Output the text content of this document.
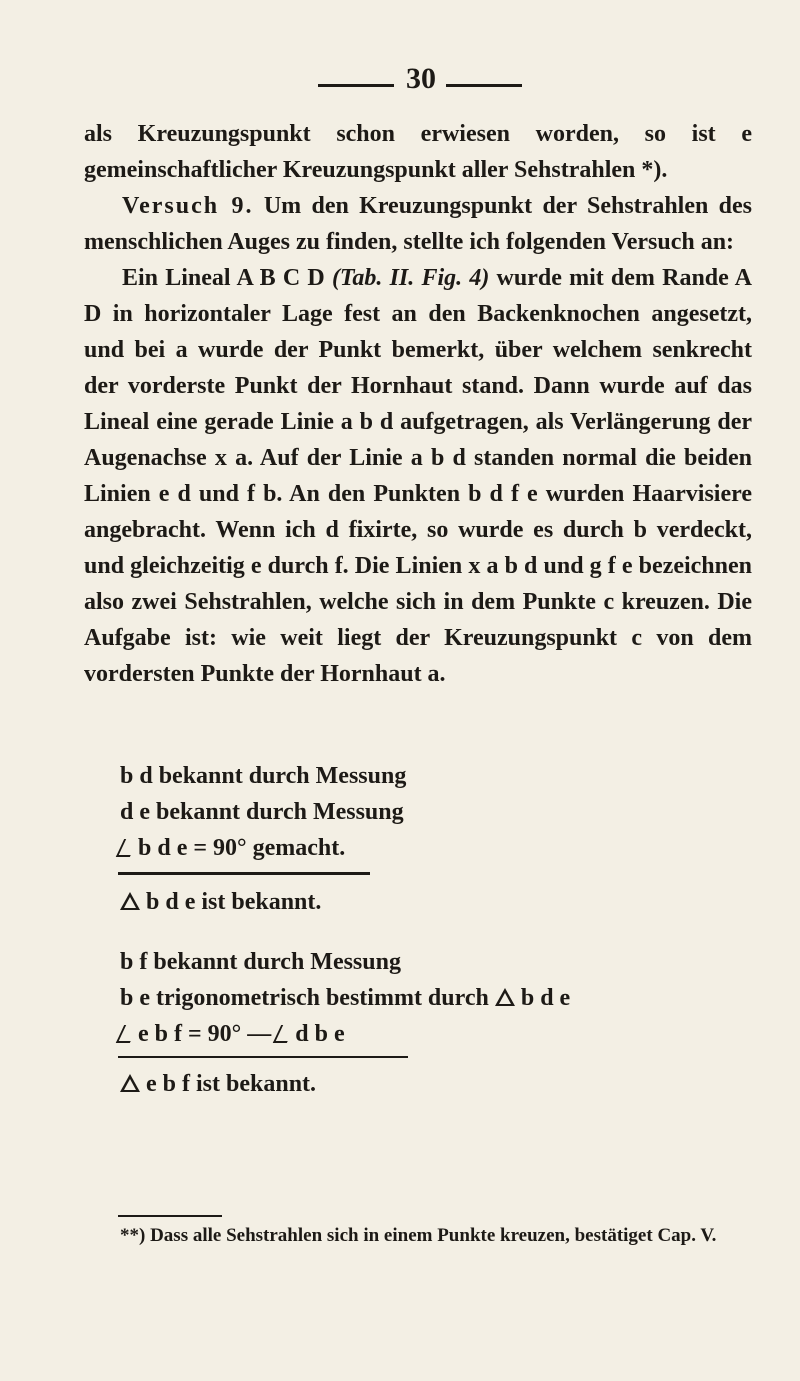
30

als Kreuzungspunkt schon erwiesen worden, so ist e gemeinschaftlicher Kreuzungspunkt aller Sehstrahlen *).

Versuch 9. Um den Kreuzungspunkt der Sehstrahlen des menschlichen Auges zu finden, stellte ich folgenden Versuch an:

Ein Lineal A B C D (Tab. II. Fig. 4) wurde mit dem Rande A D in horizontaler Lage fest an den Backenknochen angesetzt, und bei a wurde der Punkt bemerkt, über welchem senkrecht der vorderste Punkt der Hornhaut stand. Dann wurde auf das Lineal eine gerade Linie a b d aufgetragen, als Verlängerung der Augenachse x a. Auf der Linie a b d standen normal die beiden Linien e d und f b. An den Punkten b d f e wurden Haarvisiere angebracht. Wenn ich d fixirte, so wurde es durch b verdeckt, und gleichzeitig e durch f. Die Linien x a b d und g f e bezeichnen also zwei Sehstrahlen, welche sich in dem Punkte c kreuzen. Die Aufgabe ist: wie weit liegt der Kreuzungspunkt c von dem vordersten Punkte der Hornhaut a.

b d bekannt durch Messung
d e bekannt durch Messung
b d e = 90° gemacht.
b d e ist bekannt.
b f bekannt durch Messung
b e trigonometrisch bestimmt durch b d e
e b f = 90° — d b e
e b f ist bekannt.

**) Dass alle Sehstrahlen sich in einem Punkte kreuzen, bestätiget Cap. V.
